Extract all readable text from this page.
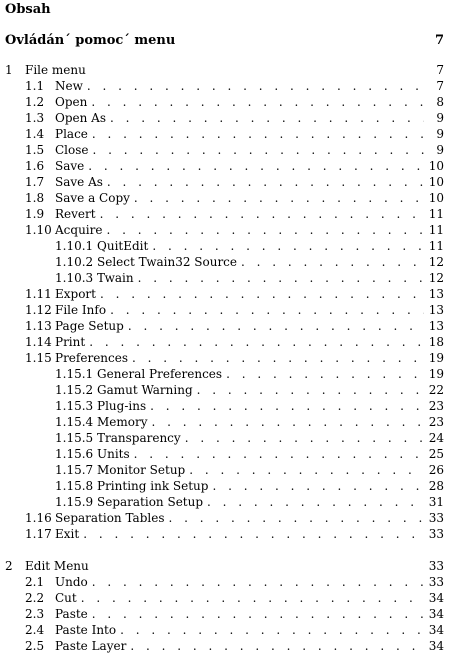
Obsah
Ovládán´ pomoc´ menu	7
1	File menu	7
1.1 New . . .	7
1.2 Open . . .	8
1.3 Open As . . .	9
1.4 Place . . .	9
1.5 Close . . .	9
1.6 Save . . .	10
1.7 Save As . . .	10
1.8 Save a Copy . . .	10
1.9 Revert . . .	11
1.10 Acquire . . .	11
1.10.1 QuitEdit . . .	11
1.10.2 Select Twain32 Source . . .	12
1.10.3 Twain . . .	12
1.11 Export . . .	13
1.12 File Info . . .	13
1.13 Page Setup . . .	13
1.14 Print . . .	18
1.15 Preferences . . .	19
1.15.1 General Preferences . . .	19
1.15.2 Gamut Warning . . .	22
1.15.3 Plug-ins . . .	23
1.15.4 Memory . . .	23
1.15.5 Transparency . . .	24
1.15.6 Units . . .	25
1.15.7 Monitor Setup . . .	26
1.15.8 Printing ink Setup . . .	28
1.15.9 Separation Setup . . .	31
1.16 Separation Tables . . .	33
1.17 Exit . . .	33
2	Edit Menu	33
2.1 Undo . . .	33
2.2 Cut . . .	34
2.3 Paste . . .	34
2.4 Paste Into . . .	34
2.5 Paste Layer . . .	34
